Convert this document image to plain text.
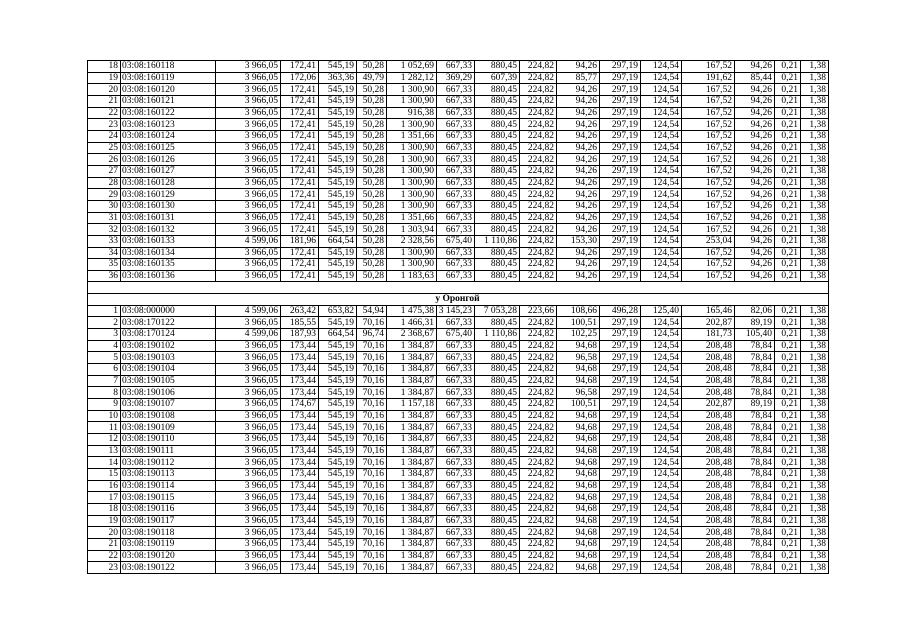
18	03:08:160118	3 966,05	172,41	545,19	50,28	1 052,69	667,33	880,45	224,82	94,26	297,19	124,54	167,52	94,26	0,21	1,38
19	03:08:160119	3 966,05	172,06	363,36	49,79	1 282,12	369,29	607,39	224,82	85,77	297,19	124,54	191,62	85,44	0,21	1,38
20	03:08:160120	3 966,05	172,41	545,19	50,28	1 300,90	667,33	880,45	224,82	94,26	297,19	124,54	167,52	94,26	0,21	1,38
21	03:08:160121	3 966,05	172,41	545,19	50,28	1 300,90	667,33	880,45	224,82	94,26	297,19	124,54	167,52	94,26	0,21	1,38
22	03:08:160122	3 966,05	172,41	545,19	50,28	916,38	667,33	880,45	224,82	94,26	297,19	124,54	167,52	94,26	0,21	1,38
23	03:08:160123	3 966,05	172,41	545,19	50,28	1 300,90	667,33	880,45	224,82	94,26	297,19	124,54	167,52	94,26	0,21	1,38
24	03:08:160124	3 966,05	172,41	545,19	50,28	1 351,66	667,33	880,45	224,82	94,26	297,19	124,54	167,52	94,26	0,21	1,38
25	03:08:160125	3 966,05	172,41	545,19	50,28	1 300,90	667,33	880,45	224,82	94,26	297,19	124,54	167,52	94,26	0,21	1,38
26	03:08:160126	3 966,05	172,41	545,19	50,28	1 300,90	667,33	880,45	224,82	94,26	297,19	124,54	167,52	94,26	0,21	1,38
27	03:08:160127	3 966,05	172,41	545,19	50,28	1 300,90	667,33	880,45	224,82	94,26	297,19	124,54	167,52	94,26	0,21	1,38
28	03:08:160128	3 966,05	172,41	545,19	50,28	1 300,90	667,33	880,45	224,82	94,26	297,19	124,54	167,52	94,26	0,21	1,38
29	03:08:160129	3 966,05	172,41	545,19	50,28	1 300,90	667,33	880,45	224,82	94,26	297,19	124,54	167,52	94,26	0,21	1,38
30	03:08:160130	3 966,05	172,41	545,19	50,28	1 300,90	667,33	880,45	224,82	94,26	297,19	124,54	167,52	94,26	0,21	1,38
31	03:08:160131	3 966,05	172,41	545,19	50,28	1 351,66	667,33	880,45	224,82	94,26	297,19	124,54	167,52	94,26	0,21	1,38
32	03:08:160132	3 966,05	172,41	545,19	50,28	1 303,94	667,33	880,45	224,82	94,26	297,19	124,54	167,52	94,26	0,21	1,38
33	03:08:160133	4 599,06	181,96	664,54	50,28	2 328,56	675,40	1 110,86	224,82	153,30	297,19	124,54	253,04	94,26	0,21	1,38
34	03:08:160134	3 966,05	172,41	545,19	50,28	1 300,90	667,33	880,45	224,82	94,26	297,19	124,54	167,52	94,26	0,21	1,38
35	03:08:160135	3 966,05	172,41	545,19	50,28	1 300,90	667,33	880,45	224,82	94,26	297,19	124,54	167,52	94,26	0,21	1,38
36	03:08:160136	3 966,05	172,41	545,19	50,28	1 183,63	667,33	880,45	224,82	94,26	297,19	124,54	167,52	94,26	0,21	1,38

у Оронгой																
1	03:08:000000	4 599,06	263,42	653,82	54,94	1 475,38	3 145,23	7 053,28	223,66	108,66	496,28	125,40	165,46	82,06	0,21	1,38
2	03:08:170122	3 966,05	185,55	545,19	70,16	1 466,31	667,33	880,45	224,82	100,51	297,19	124,54	202,87	89,19	0,21	1,38
3	03:08:170124	4 599,06	187,93	664,54	96,74	2 368,67	675,40	1 110,86	224,82	102,25	297,19	124,54	181,73	105,40	0,21	1,38
4	03:08:190102	3 966,05	173,44	545,19	70,16	1 384,87	667,33	880,45	224,82	94,68	297,19	124,54	208,48	78,84	0,21	1,38
5	03:08:190103	3 966,05	173,44	545,19	70,16	1 384,87	667,33	880,45	224,82	96,58	297,19	124,54	208,48	78,84	0,21	1,38
6	03:08:190104	3 966,05	173,44	545,19	70,16	1 384,87	667,33	880,45	224,82	94,68	297,19	124,54	208,48	78,84	0,21	1,38
7	03:08:190105	3 966,05	173,44	545,19	70,16	1 384,87	667,33	880,45	224,82	94,68	297,19	124,54	208,48	78,84	0,21	1,38
8	03:08:190106	3 966,05	173,44	545,19	70,16	1 384,87	667,33	880,45	224,82	96,58	297,19	124,54	208,48	78,84	0,21	1,38
9	03:08:190107	3 966,05	174,67	545,19	70,16	1 157,18	667,33	880,45	224,82	100,51	297,19	124,54	202,87	89,19	0,21	1,38
10	03:08:190108	3 966,05	173,44	545,19	70,16	1 384,87	667,33	880,45	224,82	94,68	297,19	124,54	208,48	78,84	0,21	1,38
11	03:08:190109	3 966,05	173,44	545,19	70,16	1 384,87	667,33	880,45	224,82	94,68	297,19	124,54	208,48	78,84	0,21	1,38
12	03:08:190110	3 966,05	173,44	545,19	70,16	1 384,87	667,33	880,45	224,82	94,68	297,19	124,54	208,48	78,84	0,21	1,38
13	03:08:190111	3 966,05	173,44	545,19	70,16	1 384,87	667,33	880,45	224,82	94,68	297,19	124,54	208,48	78,84	0,21	1,38
14	03:08:190112	3 966,05	173,44	545,19	70,16	1 384,87	667,33	880,45	224,82	94,68	297,19	124,54	208,48	78,84	0,21	1,38
15	03:08:190113	3 966,05	173,44	545,19	70,16	1 384,87	667,33	880,45	224,82	94,68	297,19	124,54	208,48	78,84	0,21	1,38
16	03:08:190114	3 966,05	173,44	545,19	70,16	1 384,87	667,33	880,45	224,82	94,68	297,19	124,54	208,48	78,84	0,21	1,38
17	03:08:190115	3 966,05	173,44	545,19	70,16	1 384,87	667,33	880,45	224,82	94,68	297,19	124,54	208,48	78,84	0,21	1,38
18	03:08:190116	3 966,05	173,44	545,19	70,16	1 384,87	667,33	880,45	224,82	94,68	297,19	124,54	208,48	78,84	0,21	1,38
19	03:08:190117	3 966,05	173,44	545,19	70,16	1 384,87	667,33	880,45	224,82	94,68	297,19	124,54	208,48	78,84	0,21	1,38
20	03:08:190118	3 966,05	173,44	545,19	70,16	1 384,87	667,33	880,45	224,82	94,68	297,19	124,54	208,48	78,84	0,21	1,38
21	03:08:190119	3 966,05	173,44	545,19	70,16	1 384,87	667,33	880,45	224,82	94,68	297,19	124,54	208,48	78,84	0,21	1,38
22	03:08:190120	3 966,05	173,44	545,19	70,16	1 384,87	667,33	880,45	224,82	94,68	297,19	124,54	208,48	78,84	0,21	1,38
23	03:08:190122	3 966,05	173,44	545,19	70,16	1 384,87	667,33	880,45	224,82	94,68	297,19	124,54	208,48	78,84	0,21	1,38
